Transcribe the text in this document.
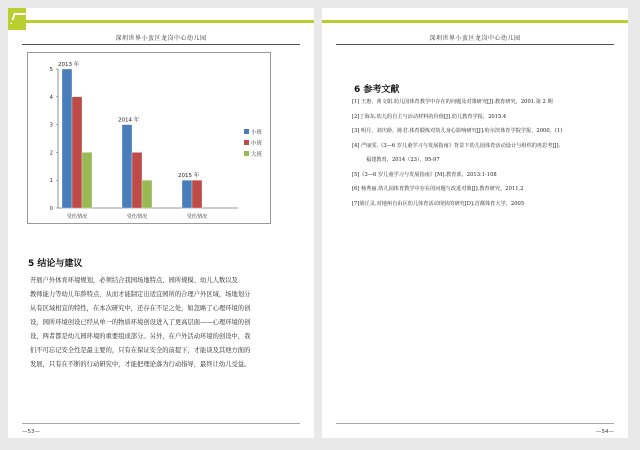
深圳世界小蛮区龙岗中心幼儿园
0
1
2
3
4
5
2013 年
受伤情况
2014 年
受伤情况
2015 年
受伤情况
小班
中班
大班
5 结论与建议
开展户外体育环境规划，必须结合我园场地特点、园所规模、幼儿人数以及
教师能力等幼儿年龄特点，从而才能制定出适宜园所的合理户外区域，场地划分
从有区域相宜的特性，在本次研究中，还存在不足之处，如忽略了心理环境的创
设，园所环境创设已经从单一的物质环境创设进入了更高层面——心理环境的创
设，两者都是幼儿园环境的重要组成部分。另外，在户外活动环境的创设中，我
们不可忘记安全性是最主要的，只有在保证安全的前提下，才能谈及其他方面的
发展，只有在不断的行动研究中，才能把理论落为行动指导，最终让幼儿受益。
—53—
深圳世界小蛮区龙岗中心幼儿园
6 参考文献
[1] 王惠，黄文娟.幼儿园体育教学中存在的问题及对策研究[J].教育研究，2001.第 2 期
[2]丁海东.幼儿的自主与活动材料的价值[J].幼儿教育学报，2015.4
[3] 明月，刘庆龄，陈君.体育锻炼对幼儿身心影响研究[J].哈尔滨体育学院学报，2000，(1)
[4] 严丽雯.《3—6 岁儿童学习与发展指南》背景下幼儿园体育活动设计与组织的再思考[J].
福建教育，2014（23），95-97
[5]《3—6 岁儿童学习与发展指南》[M].教育部，2013:1-108
[6] 杨秀丽.幼儿园体育教学中存在的问题与改进对策[J].教育研究，2011,2
[7]梁丘灵.对地州自由区幼儿体育活动现状的研究[D].首都体育大学，2005
—54—
